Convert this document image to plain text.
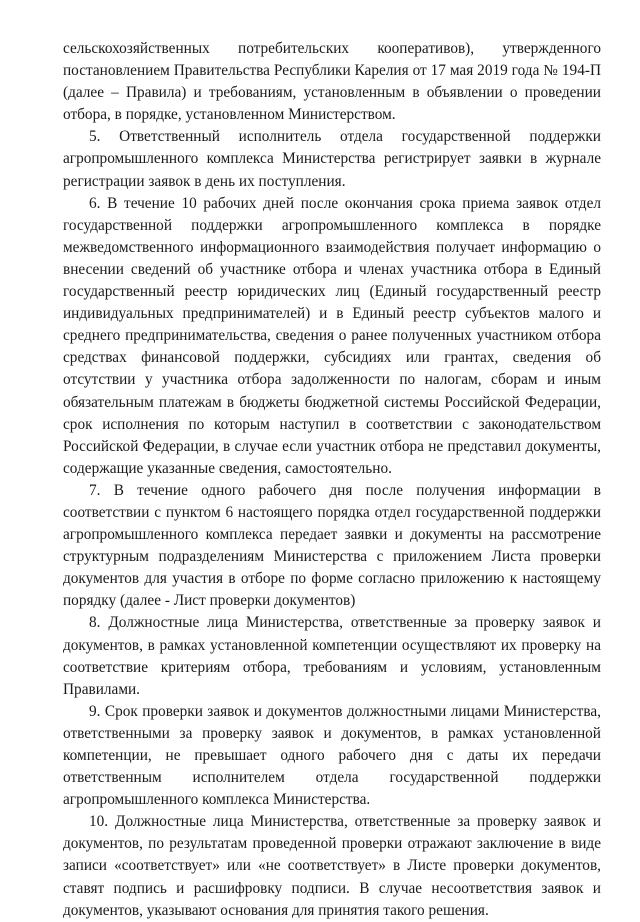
сельскохозяйственных потребительских кооперативов), утвержденного постановлением Правительства Республики Карелия от 17 мая 2019 года № 194-П (далее – Правила) и требованиям, установленным в объявлении о проведении отбора, в порядке, установленном Министерством.

5. Ответственный исполнитель отдела государственной поддержки агропромышленного комплекса Министерства регистрирует заявки в журнале регистрации заявок в день их поступления.

6. В течение 10 рабочих дней после окончания срока приема заявок отдел государственной поддержки агропромышленного комплекса в порядке межведомственного информационного взаимодействия получает информацию о внесении сведений об участнике отбора и членах участника отбора в Единый государственный реестр юридических лиц (Единый государственный реестр индивидуальных предпринимателей) и в Единый реестр субъектов малого и среднего предпринимательства, сведения о ранее полученных участником отбора средствах финансовой поддержки, субсидиях или грантах, сведения об отсутствии у участника отбора задолженности по налогам, сборам и иным обязательным платежам в бюджеты бюджетной системы Российской Федерации, срок исполнения по которым наступил в соответствии с законодательством Российской Федерации, в случае если участник отбора не представил документы, содержащие указанные сведения, самостоятельно.

7. В течение одного рабочего дня после получения информации в соответствии с пунктом 6 настоящего порядка отдел государственной поддержки агропромышленного комплекса передает заявки и документы на рассмотрение структурным подразделениям Министерства с приложением Листа проверки документов для участия в отборе по форме согласно приложению к настоящему порядку (далее - Лист проверки документов)

8. Должностные лица Министерства, ответственные за проверку заявок и документов, в рамках установленной компетенции осуществляют их проверку на соответствие критериям отбора, требованиям и условиям, установленным Правилами.

9. Срок проверки заявок и документов должностными лицами Министерства, ответственными за проверку заявок и документов, в рамках установленной компетенции, не превышает одного рабочего дня с даты их передачи ответственным исполнителем отдела государственной поддержки агропромышленного комплекса Министерства.

10. Должностные лица Министерства, ответственные за проверку заявок и документов, по результатам проведенной проверки отражают заключение в виде записи «соответствует» или «не соответствует» в Листе проверки документов, ставят подпись и расшифровку подписи. В случае несоответствия заявок и документов, указывают основания для принятия такого решения.
